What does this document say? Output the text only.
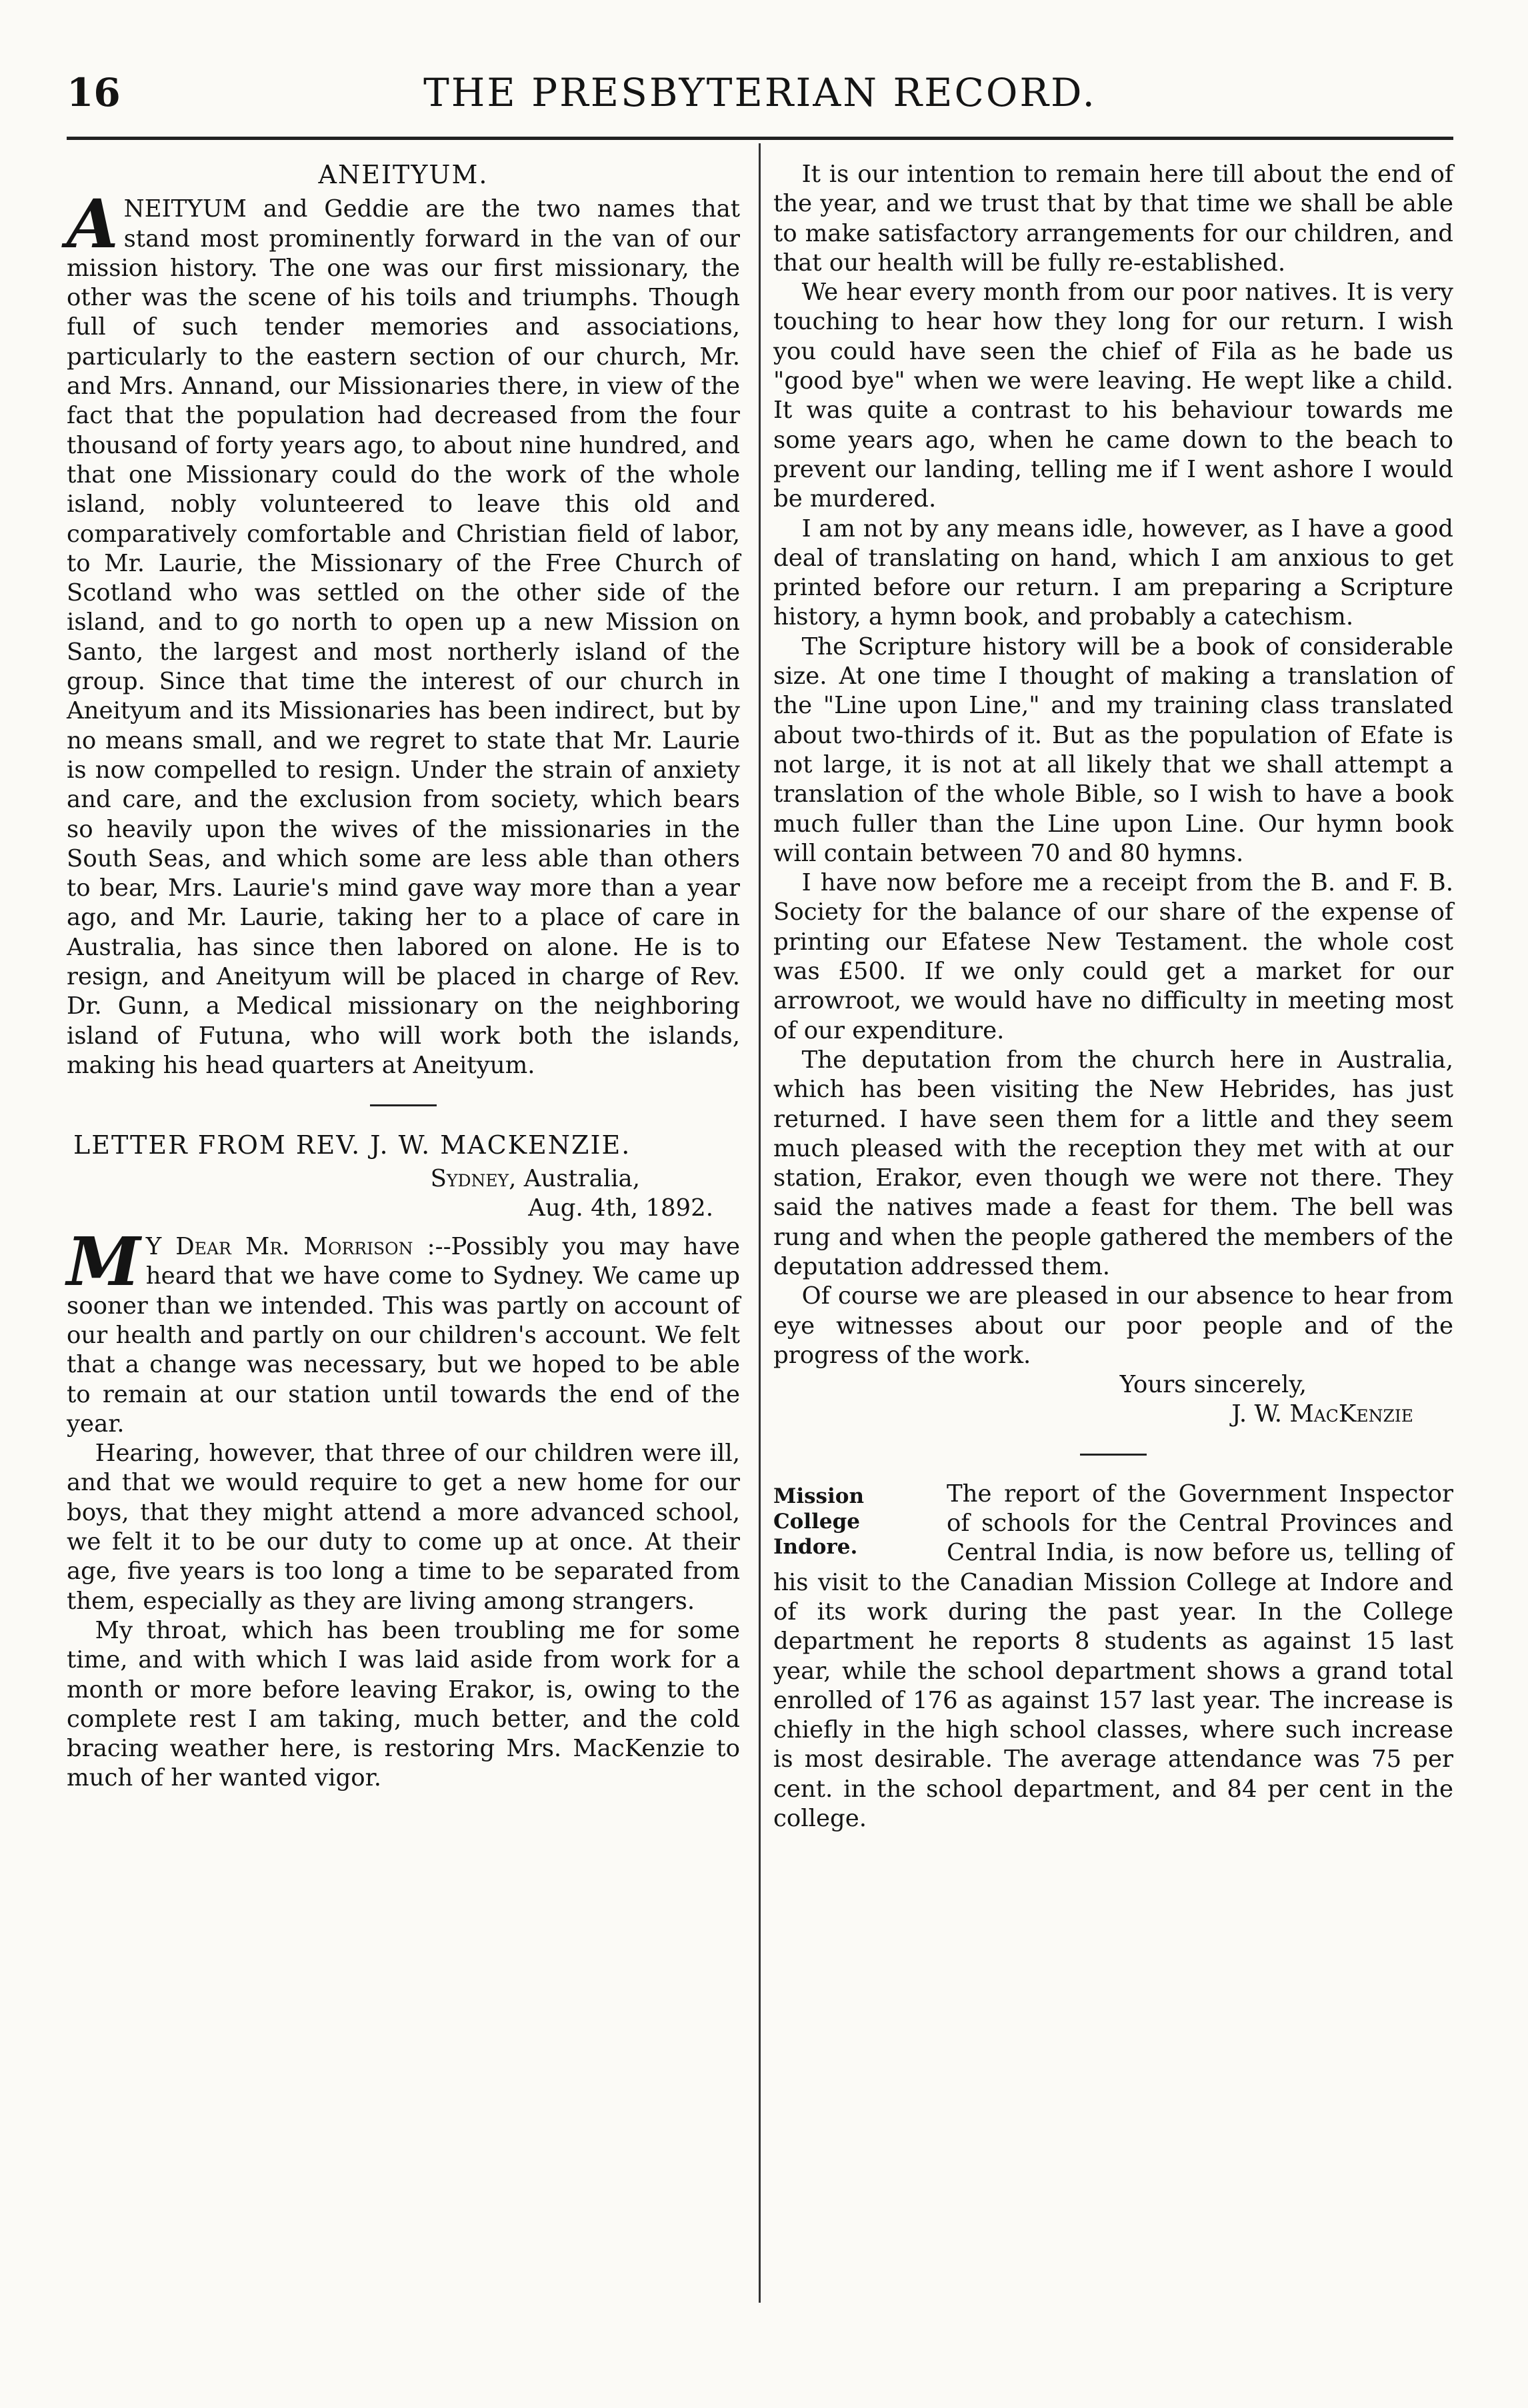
THE PRESBYTERIAN RECORD.
16
ANEITYUM.

ANEITYUM and Geddie are the two names that stand most prominently forward in the van of our mission history. The one was our first missionary, the other was the scene of his toils and triumphs. Though full of such tender memories and associations, particularly to the eastern section of our church, Mr. and Mrs. Annand, our Missionaries there, in view of the fact that the population had decreased from the four thousand of forty years ago, to about nine hundred, and that one Missionary could do the work of the whole island, nobly volunteered to leave this old and comparatively comfortable and Christian field of labor, to Mr. Laurie, the Missionary of the Free Church of Scotland who was settled on the other side of the island, and to go north to open up a new Mission on Santo, the largest and most northerly island of the group. Since that time the interest of our church in Aneityum and its Missionaries has been indirect, but by no means small, and we regret to state that Mr. Laurie is now compelled to resign. Under the strain of anxiety and care, and the exclusion from society, which bears so heavily upon the wives of the missionaries in the South Seas, and which some are less able than others to bear, Mrs. Laurie's mind gave way more than a year ago, and Mr. Laurie, taking her to a place of care in Australia, has since then labored on alone. He is to resign, and Aneityum will be placed in charge of Rev. Dr. Gunn, a Medical missionary on the neighboring island of Futuna, who will work both the islands, making his head quarters at Aneityum.

LETTER FROM REV. J. W. MACKENZIE.

Sydney, Australia,

Aug. 4th, 1892.

M Y Dear Mr. Morrison :--Possibly you may have heard that we have come to Sydney. We came up sooner than we intended. This was partly on account of our health and partly on our children's account. We felt that a change was necessary, but we hoped to be able to remain at our station until towards the end of the year.

Hearing, however, that three of our children were ill, and that we would require to get a new home for our boys, that they might attend a more advanced school, we felt it to be our duty to come up at once. At their age, five years is too long a time to be separated from them, especially as they are living among strangers.

My throat, which has been troubling me for some time, and with which I was laid aside from work for a month or more before leaving Erakor, is, owing to the complete rest I am taking, much better, and the cold bracing weather here, is restoring Mrs. MacKenzie to much of her wanted vigor.

It is our intention to remain here till about the end of the year, and we trust that by that time we shall be able to make satisfactory arrangements for our children, and that our health will be fully re-established.

We hear every month from our poor natives. It is very touching to hear how they long for our return. I wish you could have seen the chief of Fila as he bade us "good bye" when we were leaving. He wept like a child. It was quite a contrast to his behaviour towards me some years ago, when he came down to the beach to prevent our landing, telling me if I went ashore I would be murdered.

I am not by any means idle, however, as I have a good deal of translating on hand, which I am anxious to get printed before our return. I am preparing a Scripture history, a hymn book, and probably a catechism.

The Scripture history will be a book of considerable size. At one time I thought of making a translation of the "Line upon Line," and my training class translated about two-thirds of it. But as the population of Efate is not large, it is not at all likely that we shall attempt a translation of the whole Bible, so I wish to have a book much fuller than the Line upon Line. Our hymn book will contain between 70 and 80 hymns.

I have now before me a receipt from the B. and F. B. Society for the balance of our share of the expense of printing our Efatese New Testament. the whole cost was £500. If we only could get a market for our arrowroot, we would have no difficulty in meeting most of our expenditure.

The deputation from the church here in Australia, which has been visiting the New Hebrides, has just returned. I have seen them for a little and they seem much pleased with the reception they met with at our station, Erakor, even though we were not there. They said the natives made a feast for them. The bell was rung and when the people gathered the members of the deputation addressed them.

Of course we are pleased in our absence to hear from eye witnesses about our poor people and of the progress of the work.

Yours sincerely,

J. W. MacKenzie

Mission
College
Indore.
The report of the Government Inspector of schools for the Central Provinces and Central India, is now before us, telling of his visit to the Canadian Mission College at Indore and of its work during the past year. In the College department he reports 8 students as against 15 last year, while the school department shows a grand total enrolled of 176 as against 157 last year. The increase is chiefly in the high school classes, where such increase is most desirable. The average attendance was 75 per cent. in the school department, and 84 per cent in the college.
